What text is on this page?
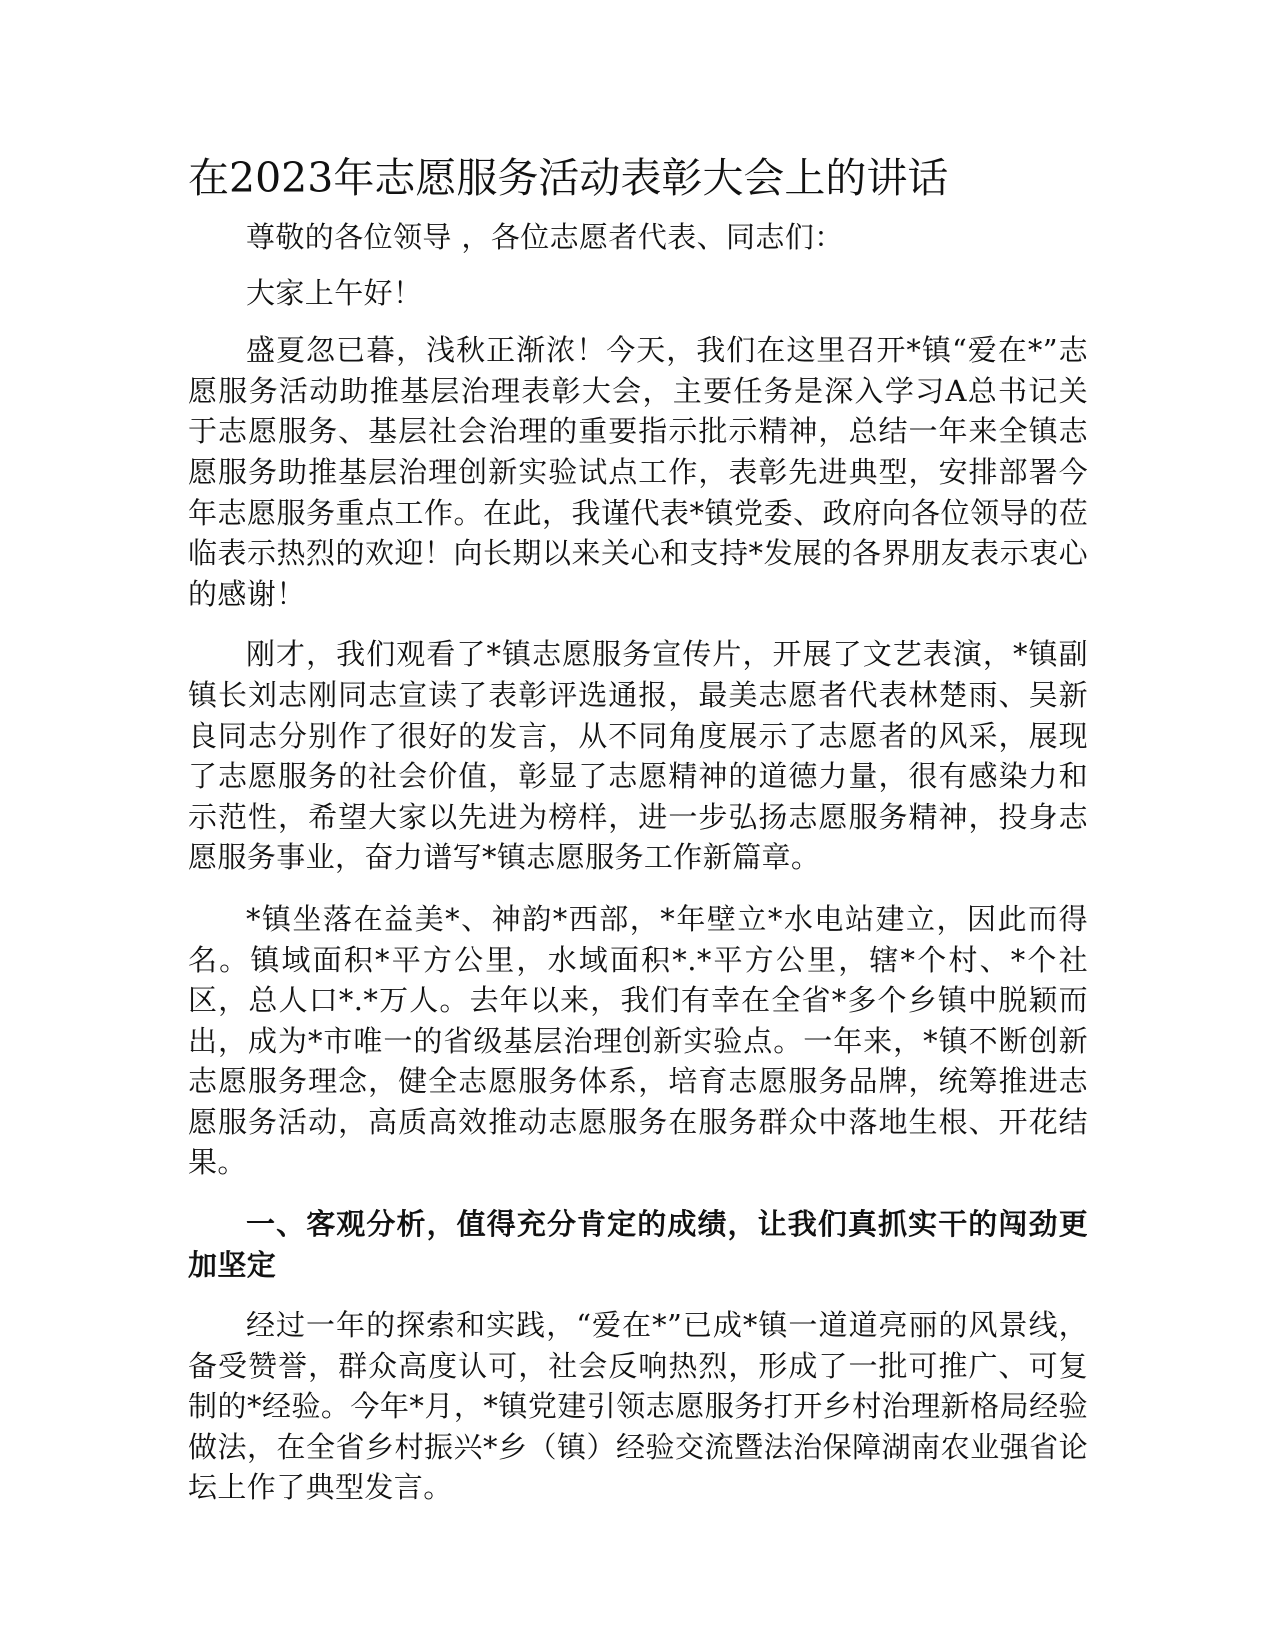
在2023年志愿服务活动表彰大会上的讲话

尊敬的各位领导 ，各位志愿者代表、同志们：

大家上午好！

盛夏忽已暮，浅秋正渐浓！今天，我们在这里召开*镇“爱在*”志愿服务活动助推基层治理表彰大会，主要任务是深入学习A总书记关于志愿服务、基层社会治理的重要指示批示精神，总结一年来全镇志愿服务助推基层治理创新实验试点工作，表彰先进典型，安排部署今年志愿服务重点工作。在此，我谨代表*镇党委、政府向各位领导的莅临表示热烈的欢迎！向长期以来关心和支持*发展的各界朋友表示衷心的感谢！

刚才，我们观看了*镇志愿服务宣传片，开展了文艺表演，*镇副镇长刘志刚同志宣读了表彰评选通报，最美志愿者代表林楚雨、吴新良同志分别作了很好的发言，从不同角度展示了志愿者的风采，展现了志愿服务的社会价值，彰显了志愿精神的道德力量，很有感染力和示范性，希望大家以先进为榜样，进一步弘扬志愿服务精神，投身志愿服务事业，奋力谱写*镇志愿服务工作新篇章。

*镇坐落在益美*、神韵*西部，*年壁立*水电站建立，因此而得名。镇域面积*平方公里，水域面积*.*平方公里，辖*个村、*个社区，总人口*.*万人。去年以来，我们有幸在全省*多个乡镇中脱颖而出，成为*市唯一的省级基层治理创新实验点。一年来，*镇不断创新志愿服务理念，健全志愿服务体系，培育志愿服务品牌，统筹推进志愿服务活动，高质高效推动志愿服务在服务群众中落地生根、开花结果。

一、客观分析，值得充分肯定的成绩，让我们真抓实干的闯劲更加坚定

经过一年的探索和实践，“爱在*”已成*镇一道道亮丽的风景线，备受赞誉，群众高度认可，社会反响热烈，形成了一批可推广、可复制的*经验。今年*月，*镇党建引领志愿服务打开乡村治理新格局经验做法，在全省乡村振兴*乡（镇）经验交流暨法治保障湖南农业强省论坛上作了典型发言。
